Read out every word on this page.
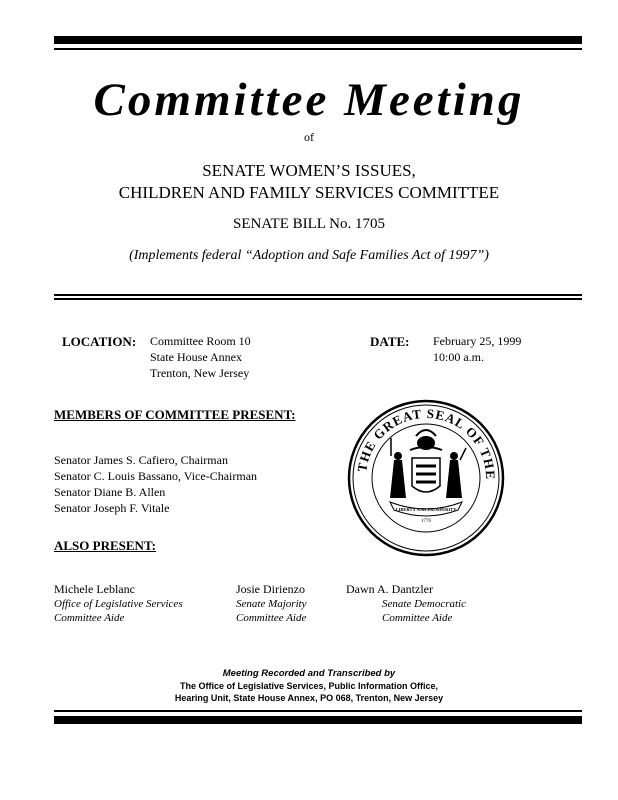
Committee Meeting
of
SENATE WOMEN’S ISSUES,
CHILDREN AND FAMILY SERVICES COMMITTEE
SENATE BILL No. 1705
(Implements federal “Adoption and Safe Families Act of 1997”)
LOCATION: Committee Room 10
State House Annex
Trenton, New Jersey
DATE: February 25, 1999
10:00 a.m.
MEMBERS OF COMMITTEE PRESENT:
Senator James S. Cafiero, Chairman
Senator C. Louis Bassano, Vice-Chairman
Senator Diane B. Allen
Senator Joseph F. Vitale
THE GREAT SEAL OF THE
LIBERTY AND PROSPERITY
1776
ALSO PRESENT:
Michele Leblanc
Office of Legislative Services
Committee Aide
Josie Dirienzo
Senate Majority
Committee Aide
Dawn A. Dantzler
Senate Democratic
Committee Aide
Meeting Recorded and Transcribed by
The Office of Legislative Services, Public Information Office,
Hearing Unit, State House Annex, PO 068, Trenton, New Jersey
